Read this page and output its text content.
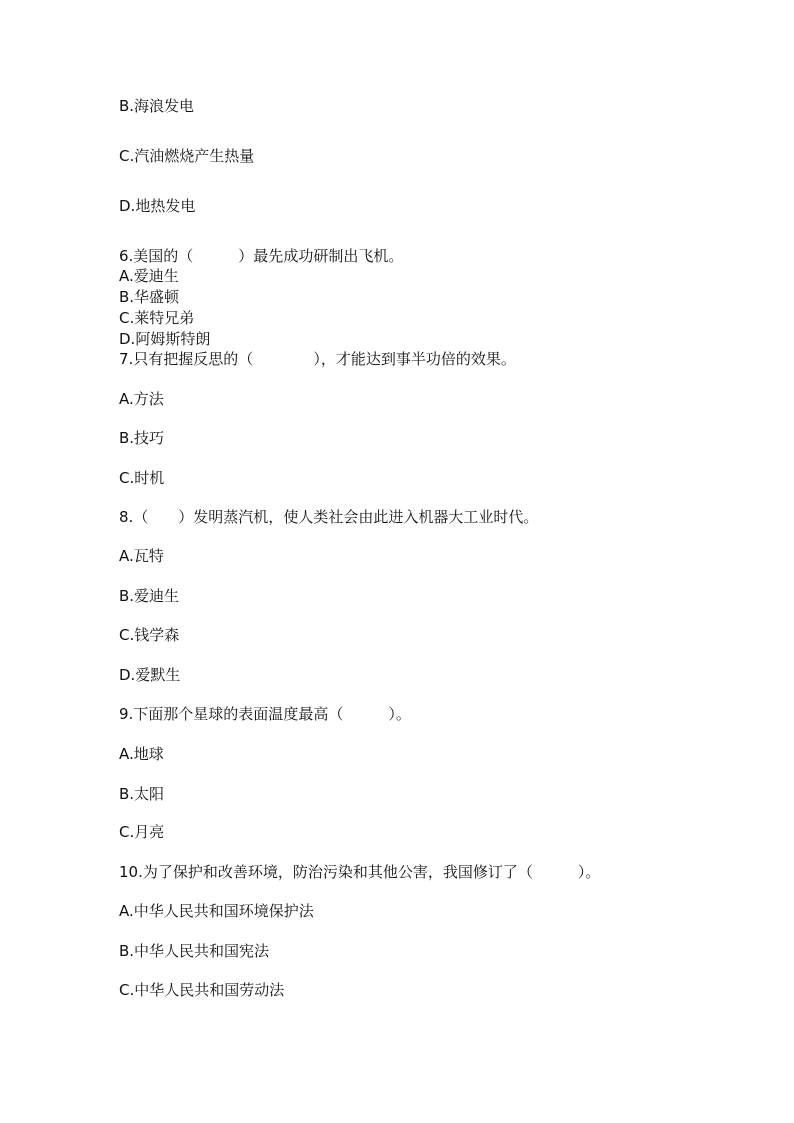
B.海浪发电
C.汽油燃烧产生热量
D.地热发电
6.美国的（　　　）最先成功研制出飞机。
A.爱迪生
B.华盛顿
C.莱特兄弟
D.阿姆斯特朗
7.只有把握反思的（　　　　），才能达到事半功倍的效果。
A.方法
B.技巧
C.时机
8.（　　）发明蒸汽机，使人类社会由此进入机器大工业时代。
A.瓦特
B.爱迪生
C.钱学森
D.爱默生
9.下面那个星球的表面温度最高（　　　）。
A.地球
B.太阳
C.月亮
10.为了保护和改善环境，防治污染和其他公害，我国修订了（　　　）。
A.中华人民共和国环境保护法
B.中华人民共和国宪法
C.中华人民共和国劳动法
